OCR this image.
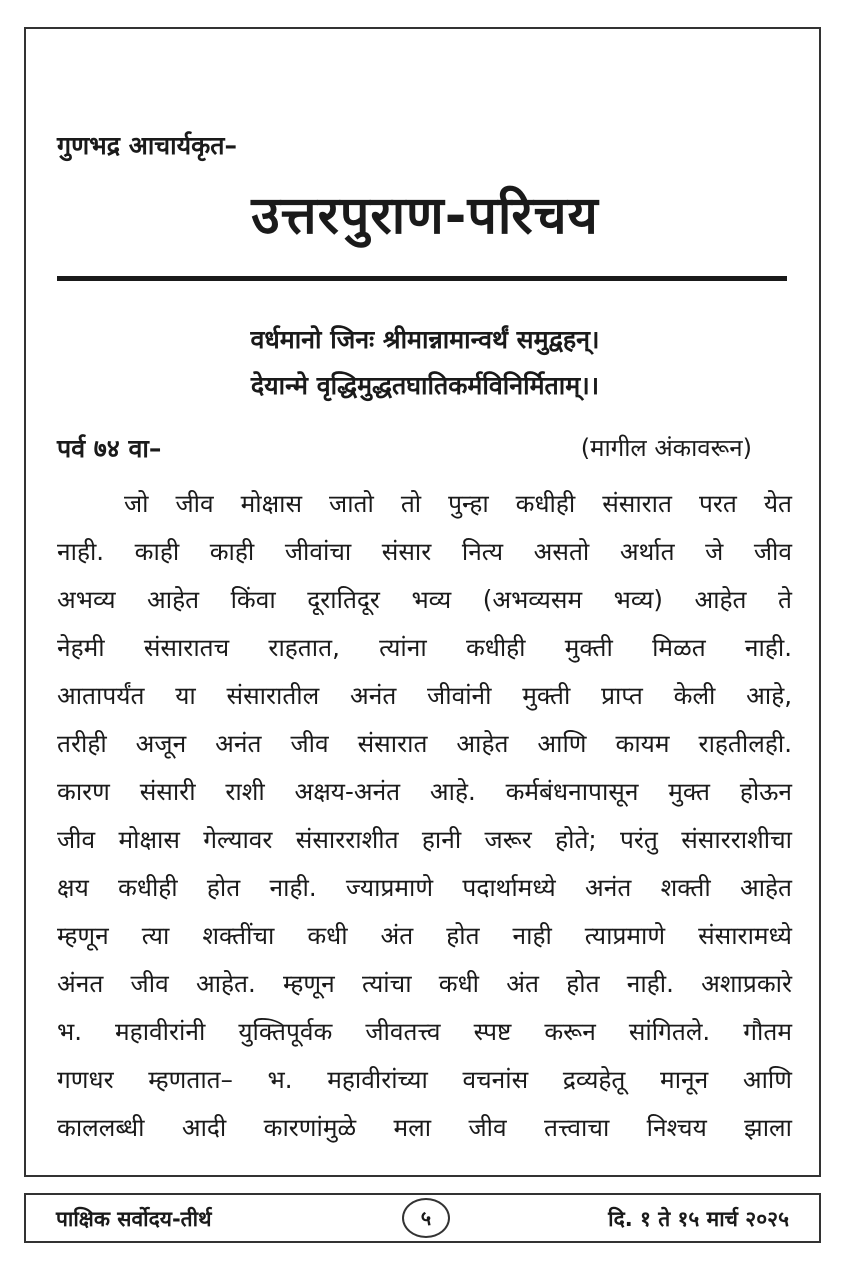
गुणभद्र आचार्यकृत–
उत्तरपुराण-परिचय
वर्धमानो जिनः श्रीमान्नामान्वर्थं समुद्वहन्।
देयान्मे वृद्धिमुद्धतघातिकर्मविनिर्मिताम्।।
पर्व ७४ वा–	(मागील अंकावरून)
जो जीव मोक्षास जातो तो पुन्हा कधीही संसारात परत येत
नाही. काही काही जीवांचा संसार नित्य असतो अर्थात जे जीव
अभव्य आहेत किंवा दूरातिदूर भव्य (अभव्यसम भव्य) आहेत ते
नेहमी संसारातच राहतात, त्यांना कधीही मुक्ती मिळत नाही.
आतापर्यंत या संसारातील अनंत जीवांनी मुक्ती प्राप्त केली आहे,
तरीही अजून अनंत जीव संसारात आहेत आणि कायम राहतीलही.
कारण संसारी राशी अक्षय-अनंत आहे. कर्मबंधनापासून मुक्त होऊन
जीव मोक्षास गेल्यावर संसारराशीत हानी जरूर होते; परंतु संसारराशीचा
क्षय कधीही होत नाही. ज्याप्रमाणे पदार्थामध्ये अनंत शक्ती आहेत
म्हणून त्या शक्तींचा कधी अंत होत नाही त्याप्रमाणे संसारामध्ये
अंनत जीव आहेत. म्हणून त्यांचा कधी अंत होत नाही. अशाप्रकारे
भ. महावीरांनी युक्तिपूर्वक जीवतत्त्व स्पष्ट करून सांगितले. गौतम
गणधर म्हणतात– भ. महावीरांच्या वचनांस द्रव्यहेतू मानून आणि
काललब्धी आदी कारणांमुळे मला जीव तत्त्वाचा निश्चय झाला
पाक्षिक सर्वोदय-तीर्थ	५	दि. १ ते १५ मार्च २०२५
